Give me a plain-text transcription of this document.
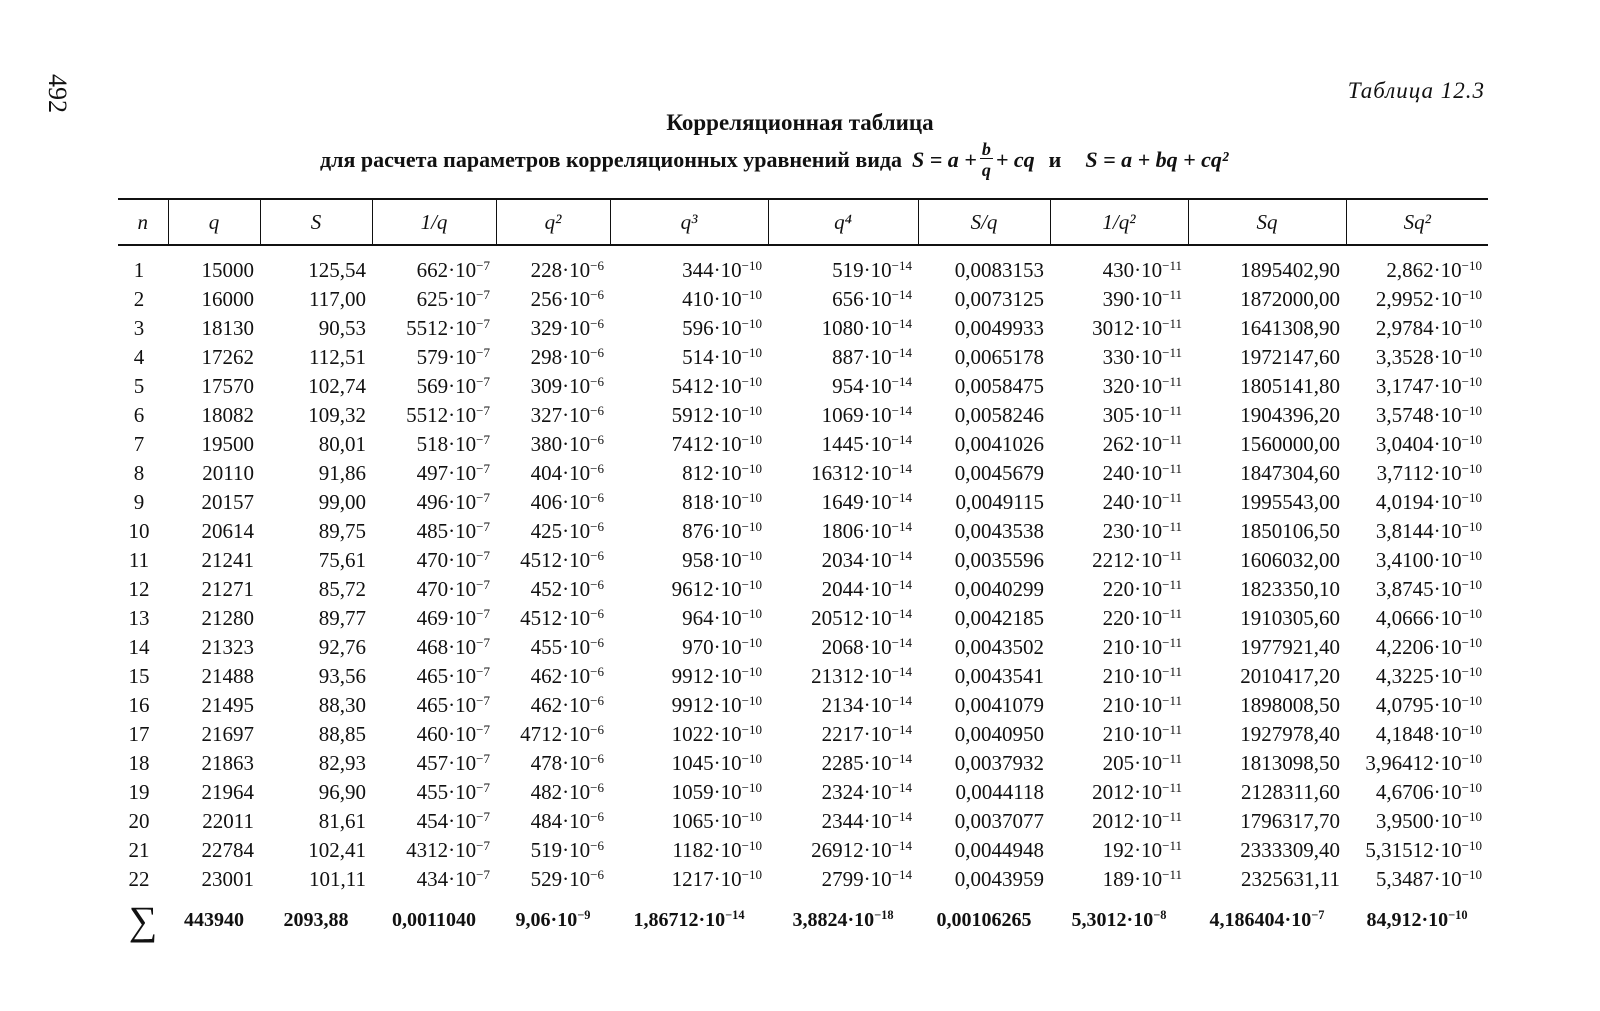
492	Таблица 12.3
Корреляционная таблица
для расчета параметров корреляционных уравнений вида $S = a + \frac{b}{q}$ + cq и S = a + bq + cq²
n	q	S	1/q	q²	q³	q⁴	S/q	1/q²	Sq	Sq²
1	15000	125,54	$662\cdot 10^{-7}$	$228\cdot 10^{-6}$	$344\cdot 10^{-10}$	$519\cdot 10^{-14}$	0,0083153	$430\cdot 10^{-11}$	1895402,90	$2,862\cdot 10^{-10}$
2	16000	117,00	$625\cdot 10^{-7}$	$256\cdot 10^{-6}$	$410\cdot 10^{-10}$	$656\cdot 10^{-14}$	0,0073125	$390\cdot 10^{-11}$	1872000,00	$2,9952\cdot 10^{-10}$
3	18130	90,53	$5512\cdot 10^{-7}$	$329\cdot 10^{-6}$	$596\cdot 10^{-10}$	$1080\cdot 10^{-14}$	0,0049933	$3012\cdot 10^{-11}$	1641308,90	$2,9784\cdot 10^{-10}$
4	17262	112,51	$579\cdot 10^{-7}$	$298\cdot 10^{-6}$	$514\cdot 10^{-10}$	$887\cdot 10^{-14}$	0,0065178	$330\cdot 10^{-11}$	1972147,60	$3,3528\cdot 10^{-10}$
5	17570	102,74	$569\cdot 10^{-7}$	$309\cdot 10^{-6}$	$5412\cdot 10^{-10}$	$954\cdot 10^{-14}$	0,0058475	$320\cdot 10^{-11}$	1805141,80	$3,1747\cdot 10^{-10}$
6	18082	109,32	$5512\cdot 10^{-7}$	$327\cdot 10^{-6}$	$5912\cdot 10^{-10}$	$1069\cdot 10^{-14}$	0,0058246	$305\cdot 10^{-11}$	1904396,20	$3,5748\cdot 10^{-10}$
7	19500	80,01	$518\cdot 10^{-7}$	$380\cdot 10^{-6}$	$7412\cdot 10^{-10}$	$1445\cdot 10^{-14}$	0,0041026	$262\cdot 10^{-11}$	1560000,00	$3,0404\cdot 10^{-10}$
8	20110	91,86	$497\cdot 10^{-7}$	$404\cdot 10^{-6}$	$812\cdot 10^{-10}$	$16312\cdot 10^{-14}$	0,0045679	$240\cdot 10^{-11}$	1847304,60	$3,7112\cdot 10^{-10}$
9	20157	99,00	$496\cdot 10^{-7}$	$406\cdot 10^{-6}$	$818\cdot 10^{-10}$	$1649\cdot 10^{-14}$	0,0049115	$240\cdot 10^{-11}$	1995543,00	$4,0194\cdot 10^{-10}$
10	20614	89,75	$485\cdot 10^{-7}$	$425\cdot 10^{-6}$	$876\cdot 10^{-10}$	$1806\cdot 10^{-14}$	0,0043538	$230\cdot 10^{-11}$	1850106,50	$3,8144\cdot 10^{-10}$
11	21241	75,61	$470\cdot 10^{-7}$	$4512\cdot 10^{-6}$	$958\cdot 10^{-10}$	$2034\cdot 10^{-14}$	0,0035596	$2212\cdot 10^{-11}$	1606032,00	$3,4100\cdot 10^{-10}$
12	21271	85,72	$470\cdot 10^{-7}$	$452\cdot 10^{-6}$	$9612\cdot 10^{-10}$	$2044\cdot 10^{-14}$	0,0040299	$220\cdot 10^{-11}$	1823350,10	$3,8745\cdot 10^{-10}$
13	21280	89,77	$469\cdot 10^{-7}$	$4512\cdot 10^{-6}$	$964\cdot 10^{-10}$	$20512\cdot 10^{-14}$	0,0042185	$220\cdot 10^{-11}$	1910305,60	$4,0666\cdot 10^{-10}$
14	21323	92,76	$468\cdot 10^{-7}$	$455\cdot 10^{-6}$	$970\cdot 10^{-10}$	$2068\cdot 10^{-14}$	0,0043502	$210\cdot 10^{-11}$	1977921,40	$4,2206\cdot 10^{-10}$
15	21488	93,56	$465\cdot 10^{-7}$	$462\cdot 10^{-6}$	$9912\cdot 10^{-10}$	$21312\cdot 10^{-14}$	0,0043541	$210\cdot 10^{-11}$	2010417,20	$4,3225\cdot 10^{-10}$
16	21495	88,30	$465\cdot 10^{-7}$	$462\cdot 10^{-6}$	$9912\cdot 10^{-10}$	$2134\cdot 10^{-14}$	0,0041079	$210\cdot 10^{-11}$	1898008,50	$4,0795\cdot 10^{-10}$
17	21697	88,85	$460\cdot 10^{-7}$	$4712\cdot 10^{-6}$	$1022\cdot 10^{-10}$	$2217\cdot 10^{-14}$	0,0040950	$210\cdot 10^{-11}$	1927978,40	$4,1848\cdot 10^{-10}$
18	21863	82,93	$457\cdot 10^{-7}$	$478\cdot 10^{-6}$	$1045\cdot 10^{-10}$	$2285\cdot 10^{-14}$	0,0037932	$205\cdot 10^{-11}$	1813098,50	$3,96412\cdot 10^{-10}$
19	21964	96,90	$455\cdot 10^{-7}$	$482\cdot 10^{-6}$	$1059\cdot 10^{-10}$	$2324\cdot 10^{-14}$	0,0044118	$2012\cdot 10^{-11}$	2128311,60	$4,6706\cdot 10^{-10}$
20	22011	81,61	$454\cdot 10^{-7}$	$484\cdot 10^{-6}$	$1065\cdot 10^{-10}$	$2344\cdot 10^{-14}$	0,0037077	$2012\cdot 10^{-11}$	1796317,70	$3,9500\cdot 10^{-10}$
21	22784	102,41	$4312\cdot 10^{-7}$	$519\cdot 10^{-6}$	$1182\cdot 10^{-10}$	$26912\cdot 10^{-14}$	0,0044948	$192\cdot 10^{-11}$	2333309,40	$5,31512\cdot 10^{-10}$
22	23001	101,11	$434\cdot 10^{-7}$	$529\cdot 10^{-6}$	$1217\cdot 10^{-10}$	$2799\cdot 10^{-14}$	0,0043959	$189\cdot 10^{-11}$	2325631,11	$5,3487\cdot 10^{-10}$
∑	443940	2093,88	0,0011040	$9,06\cdot 10^{-9}$	$1,86712\cdot 10^{-14}$	$3,8824\cdot 10^{-18}$	0,00106265	$5,3012\cdot 10^{-8}$	$4,186404\cdot 10^{-7}$	$84,912\cdot 10^{-10}$
